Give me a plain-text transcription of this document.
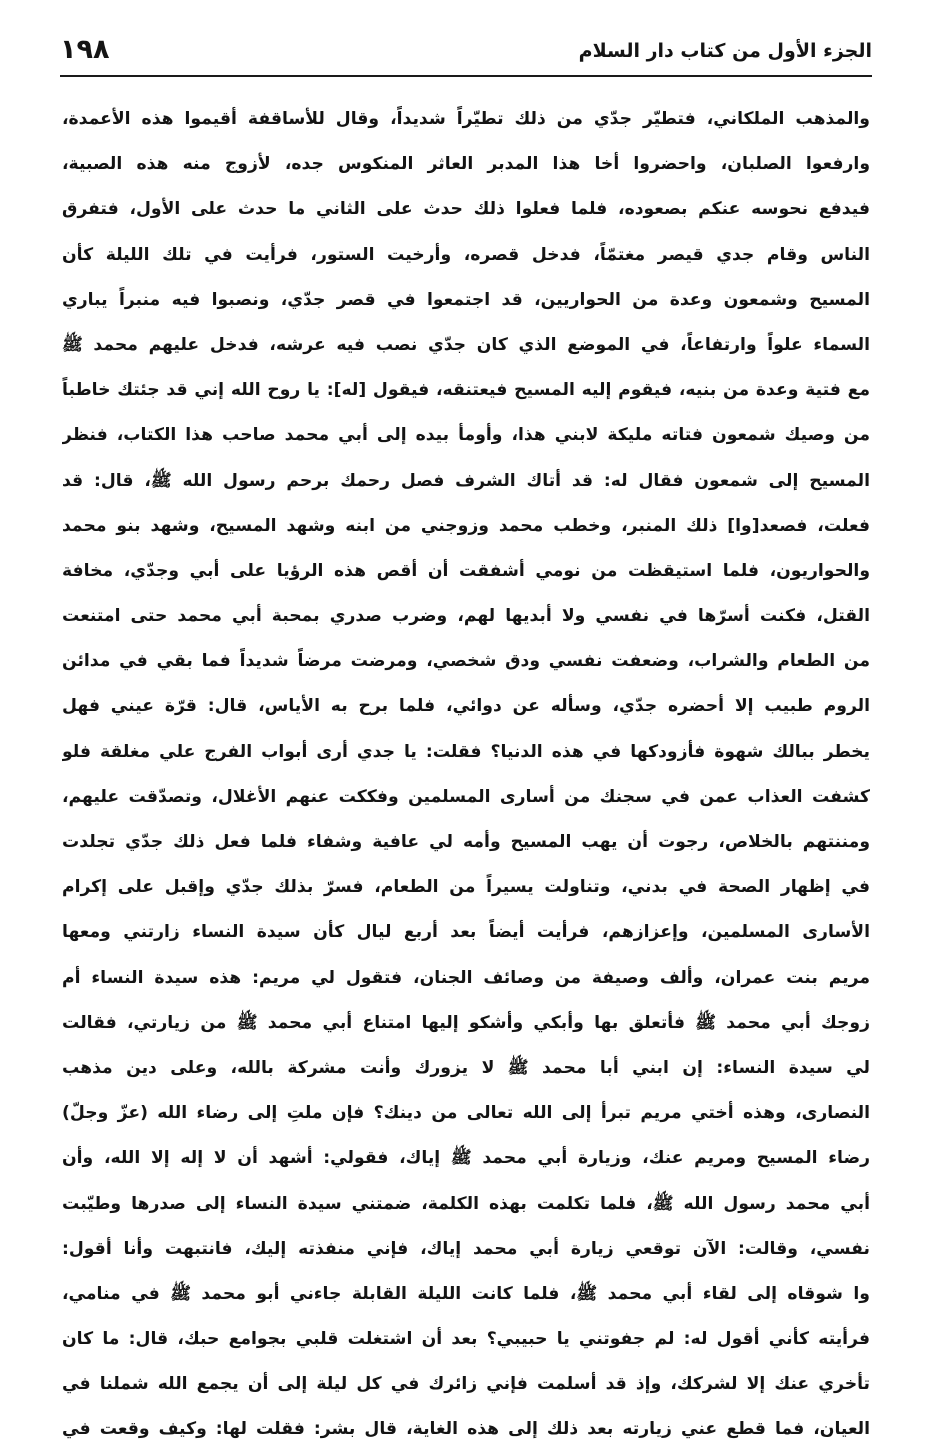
١٩٨	الجزء الأول من كتاب دار السلام
والمذهب الملكاني، فتطيّر جدّي من ذلك تطيّراً شديداً، وقال للأساقفة أقيموا هذه الأعمدة،
وارفعوا الصلبان، واحضروا أخا هذا المدبر العاثر المنكوس جده، لأزوج منه هذه الصبية،
فيدفع نحوسه عنكم بصعوده، فلما فعلوا ذلك حدث على الثاني ما حدث على الأول، فتفرق
الناس وقام جدي قيصر مغتمّاً، فدخل قصره، وأرخيت الستور، فرأيت في تلك الليلة كأن
المسيح وشمعون وعدة من الحواريين، قد اجتمعوا في قصر جدّي، ونصبوا فيه منبراً يباري
السماء علواً وارتفاعاً، في الموضع الذي كان جدّي نصب فيه عرشه، فدخل عليهم محمد ﷺ
مع فتية وعدة من بنيه، فيقوم إليه المسيح فيعتنقه، فيقول [له]: يا روح الله إني قد جئتك خاطباً
من وصيك شمعون فتاته مليكة لابني هذا، وأومأ بيده إلى أبي محمد صاحب هذا الكتاب، فنظر
المسيح إلى شمعون فقال له: قد أتاك الشرف فصل رحمك برحم رسول الله ﷺ، قال: قد
فعلت، فصعد[وا] ذلك المنبر، وخطب محمد وزوجني من ابنه وشهد المسيح، وشهد بنو محمد
والحواريون، فلما استيقظت من نومي أشفقت أن أقص هذه الرؤيا على أبي وجدّي، مخافة
القتل، فكنت أسرّها في نفسي ولا أبديها لهم، وضرب صدري بمحبة أبي محمد حتى امتنعت
من الطعام والشراب، وضعفت نفسي ودق شخصي، ومرضت مرضاً شديداً فما بقي في مدائن
الروم طبيب إلا أحضره جدّي، وسأله عن دوائي، فلما برح به الأياس، قال: قرّة عيني فهل
يخطر ببالك شهوة فأزودكها في هذه الدنيا؟ فقلت: يا جدي أرى أبواب الفرج علي مغلقة فلو
كشفت العذاب عمن في سجنك من أسارى المسلمين وفككت عنهم الأغلال، وتصدّقت عليهم،
ومننتهم بالخلاص، رجوت أن يهب المسيح وأمه لي عافية وشفاء فلما فعل ذلك جدّي تجلدت
في إظهار الصحة في بدني، وتناولت يسيراً من الطعام، فسرّ بذلك جدّي وإقبل على إكرام
الأسارى المسلمين، وإعزازهم، فرأيت أيضاً بعد أربع ليال كأن سيدة النساء زارتني ومعها
مريم بنت عمران، وألف وصيفة من وصائف الجنان، فتقول لي مريم: هذه سيدة النساء أم
زوجك أبي محمد ﷺ فأتعلق بها وأبكي وأشكو إليها امتناع أبي محمد ﷺ من زيارتي، فقالت
لي سيدة النساء: إن ابني أبا محمد ﷺ لا يزورك وأنت مشركة بالله، وعلى دين مذهب
النصارى، وهذه أختي مريم تبرأ إلى الله تعالى من دينك؟ فإن ملتِ إلى رضاء الله (عزّ وجلّ)
رضاء المسيح ومريم عنك، وزيارة أبي محمد ﷺ إياك، فقولي: أشهد أن لا إله إلا الله، وأن
أبي محمد رسول الله ﷺ، فلما تكلمت بهذه الكلمة، ضمتني سيدة النساء إلى صدرها وطيّبت
نفسي، وقالت: الآن توقعي زيارة أبي محمد إياك، فإني منفذته إليك، فانتبهت وأنا أقول:
وا شوقاه إلى لقاء أبي محمد ﷺ، فلما كانت الليلة القابلة جاءني أبو محمد ﷺ في منامي،
فرأيته كأني أقول له: لم جفوتني يا حبيبي؟ بعد أن اشتغلت قلبي بجوامع حبك، قال: ما كان
تأخري عنك إلا لشركك، وإذ قد أسلمت فإني زائرك في كل ليلة إلى أن يجمع الله شملنا في
العيان، فما قطع عني زيارته بعد ذلك إلى هذه الغاية، قال بشر: فقلت لها: وكيف وقعت في
